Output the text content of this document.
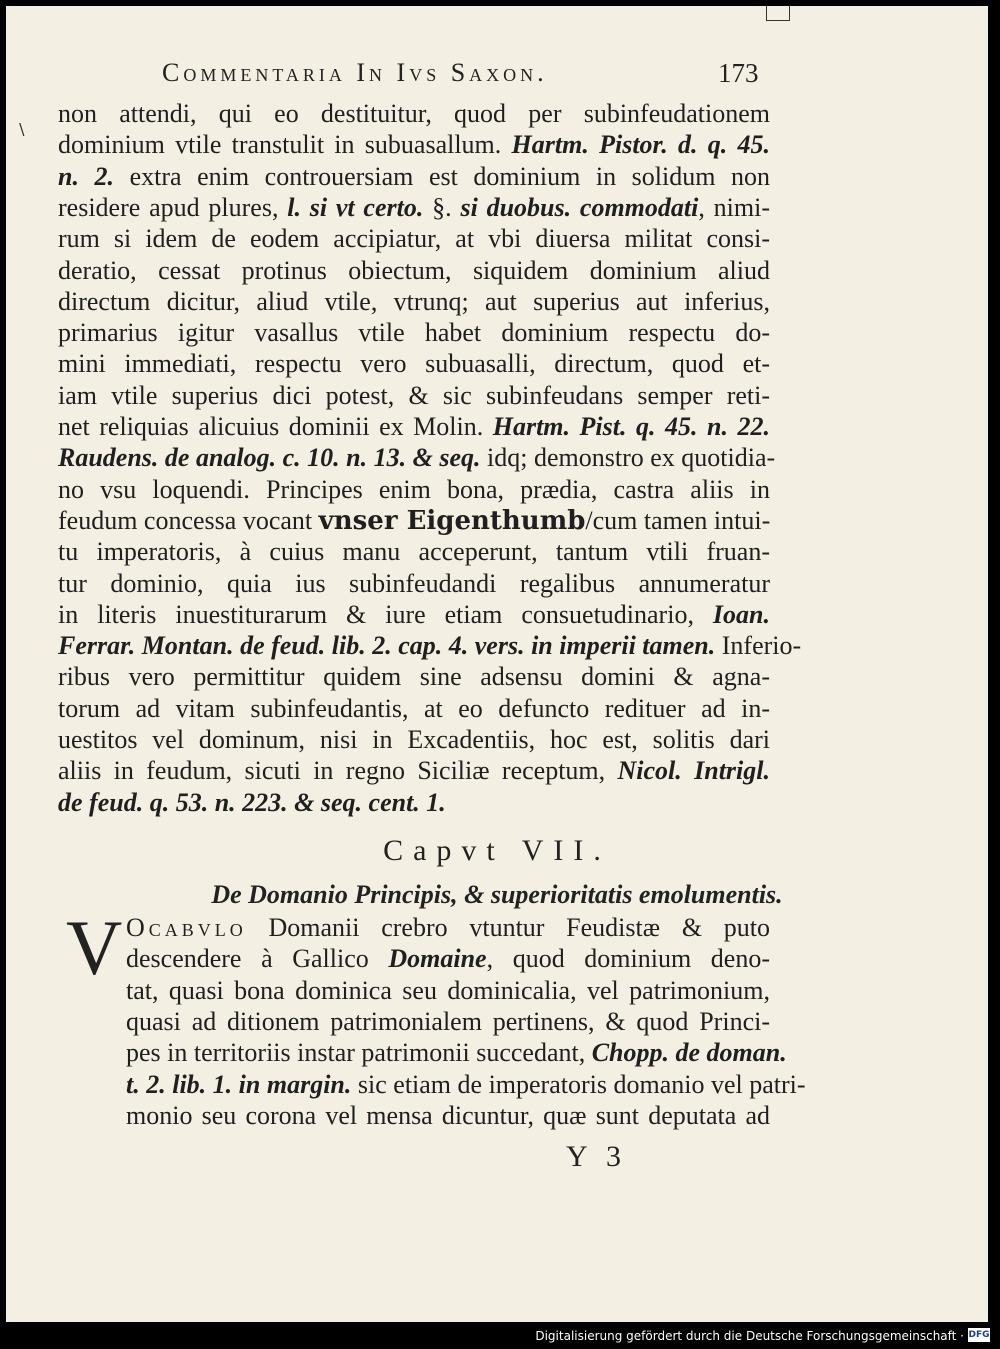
∖
Commentaria In Ivs Saxon.	173
non attendi, qui eo destituitur, quod per subinfeudationem
dominium vtile transtulit in subuasallum. Hartm. Pistor. d. q. 45.
n. 2. extra enim controuersiam est dominium in solidum non
residere apud plures, l. si vt certo. §. si duobus. commodati, nimi-
rum si idem de eodem accipiatur, at vbi diuersa militat consi-
deratio, cessat protinus obiectum, siquidem dominium aliud
directum dicitur, aliud vtile, vtrunq; aut superius aut inferius,
primarius igitur vasallus vtile habet dominium respectu do-
mini immediati, respectu vero subuasalli, directum, quod et-
iam vtile superius dici potest, & sic subinfeudans semper reti-
net reliquias alicuius dominii ex Molin. Hartm. Pist. q. 45. n. 22.
Raudens. de analog. c. 10. n. 13. & seq. idq; demonstro ex quotidia-
no vsu loquendi. Principes enim bona, prædia, castra aliis in
feudum concessa vocant vnser Eigenthumb/cum tamen intui-
tu imperatoris, à cuius manu acceperunt, tantum vtili fruan-
tur dominio, quia ius subinfeudandi regalibus annumeratur
in literis inuestiturarum & iure etiam consuetudinario, Ioan.
Ferrar. Montan. de feud. lib. 2. cap. 4. vers. in imperii tamen. Inferio-
ribus vero permittitur quidem sine adsensu domini & agna-
torum ad vitam subinfeudantis, at eo defuncto redituer ad in-
uestitos vel dominum, nisi in Excadentiis, hoc est, solitis dari
aliis in feudum, sicuti in regno Siciliæ receptum, Nicol. Intrigl.
de feud. q. 53. n. 223. & seq. cent. 1.
Capvt VII.
De Domanio Principis, & superioritatis emolumentis.
V Ocabvlo Domanii crebro vtuntur Feudistæ & puto
descendere à Gallico Domaine, quod dominium deno-
tat, quasi bona dominica seu dominicalia, vel patrimonium,
quasi ad ditionem patrimonialem pertinens, & quod Princi-
pes in territoriis instar patrimonii succedant, Chopp. de doman.
t. 2. lib. 1. in margin. sic etiam de imperatoris domanio vel patri-
monio seu corona vel mensa dicuntur, quæ sunt deputata ad
Y 3
Digitalisierung gefördert durch die Deutsche Forschungsgemeinschaft · DFG
